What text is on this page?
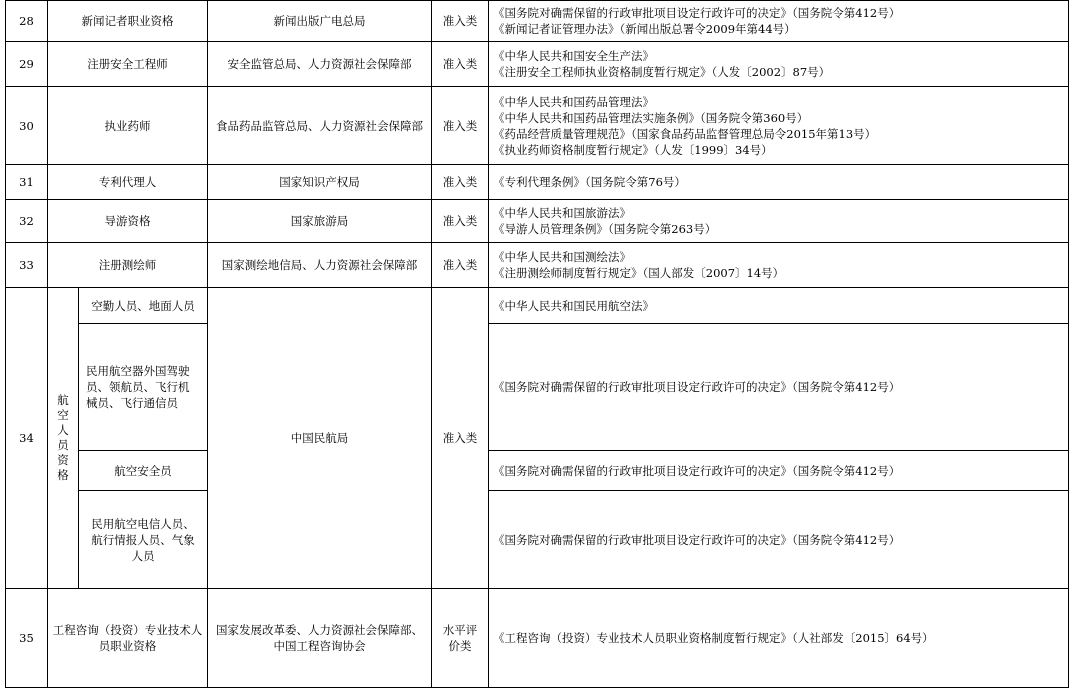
28	新闻记者职业资格		新闻出版广电总局	准入类	《国务院对确需保留的行政审批项目设定行政许可的决定》（国务院令第412号）
《新闻记者证管理办法》（新闻出版总署令2009年第44号）

29	注册安全工程师		安全监管总局、人力资源社会保障部	准入类	《中华人民共和国安全生产法》
《注册安全工程师执业资格制度暂行规定》（人发〔2002〕87号）

30	执业药师		食品药品监管总局、人力资源社会保障部	准入类	《中华人民共和国药品管理法》
《中华人民共和国药品管理法实施条例》（国务院令第360号）
《药品经营质量管理规范》（国家食品药品监督管理总局令2015年第13号）
《执业药师资格制度暂行规定》（人发〔1999〕34号）

31	专利代理人		国家知识产权局	准入类	《专利代理条例》（国务院令第76号）

32	导游资格		国家旅游局	准入类	《中华人民共和国旅游法》
《导游人员管理条例》（国务院令第263号）

33	注册测绘师		国家测绘地信局、人力资源社会保障部	准入类	《中华人民共和国测绘法》
《注册测绘师制度暂行规定》（国人部发〔2007〕14号）

34	航空人员资格	空勤人员、地面人员	中国民航局	准入类	《中华人民共和国民用航空法》

		民用航空器外国驾驶员、领航员、飞行机械员、飞行通信员			《国务院对确需保留的行政审批项目设定行政许可的决定》（国务院令第412号）
		航空安全员			《国务院对确需保留的行政审批项目设定行政许可的决定》（国务院令第412号）

		民用航空电信人员、航行情报人员、气象人员			《国务院对确需保留的行政审批项目设定行政许可的决定》（国务院令第412号）
35	工程咨询（投资）专业技术人员职业资格		国家发展改革委、人力资源社会保障部、中国工程咨询协会	水平评价类	《工程咨询（投资）专业技术人员职业资格制度暂行规定》（人社部发〔2015〕64号）
